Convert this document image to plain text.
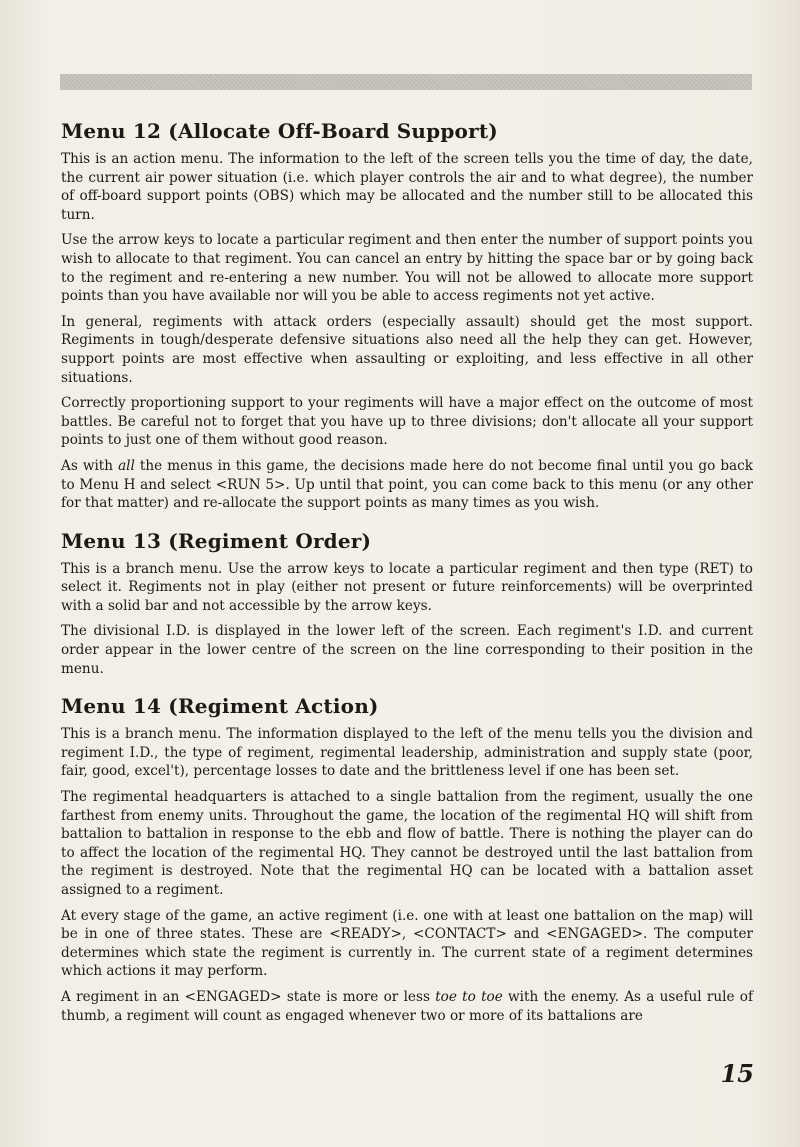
Menu 12 (Allocate Off-Board Support)

This is an action menu. The information to the left of the screen tells you the time of day, the date, the current air power situation (i.e. which player controls the air and to what degree), the number of off-board support points (OBS) which may be allocated and the number still to be allocated this turn.

Use the arrow keys to locate a particular regiment and then enter the number of support points you wish to allocate to that regiment. You can cancel an entry by hitting the space bar or by going back to the regiment and re-entering a new number. You will not be allowed to allocate more support points than you have available nor will you be able to access regiments not yet active.

In general, regiments with attack orders (especially assault) should get the most support. Regiments in tough/desperate defensive situations also need all the help they can get. However, support points are most effective when assaulting or exploiting, and less effective in all other situations.

Correctly proportioning support to your regiments will have a major effect on the outcome of most battles. Be careful not to forget that you have up to three divisions; don't allocate all your support points to just one of them without good reason.

As with all the menus in this game, the decisions made here do not become final until you go back to Menu H and select <RUN 5>. Up until that point, you can come back to this menu (or any other for that matter) and re-allocate the support points as many times as you wish.

Menu 13 (Regiment Order)

This is a branch menu. Use the arrow keys to locate a particular regiment and then type (RET) to select it. Regiments not in play (either not present or future reinforcements) will be overprinted with a solid bar and not accessible by the arrow keys.

The divisional I.D. is displayed in the lower left of the screen. Each regiment's I.D. and current order appear in the lower centre of the screen on the line corresponding to their position in the menu.

Menu 14 (Regiment Action)

This is a branch menu. The information displayed to the left of the menu tells you the division and regiment I.D., the type of regiment, regimental leadership, administration and supply state (poor, fair, good, excel't), percentage losses to date and the brittleness level if one has been set.

The regimental headquarters is attached to a single battalion from the regiment, usually the one farthest from enemy units. Throughout the game, the location of the regimental HQ will shift from battalion to battalion in response to the ebb and flow of battle. There is nothing the player can do to affect the location of the regimental HQ. They cannot be destroyed until the last battalion from the regiment is destroyed. Note that the regimental HQ can be located with a battalion asset assigned to a regiment.

At every stage of the game, an active regiment (i.e. one with at least one battalion on the map) will be in one of three states. These are <READY>, <CONTACT> and <ENGAGED>. The computer determines which state the regiment is currently in. The current state of a regiment determines which actions it may perform.

A regiment in an <ENGAGED> state is more or less toe to toe with the enemy. As a useful rule of thumb, a regiment will count as engaged whenever two or more of its battalions are

15
